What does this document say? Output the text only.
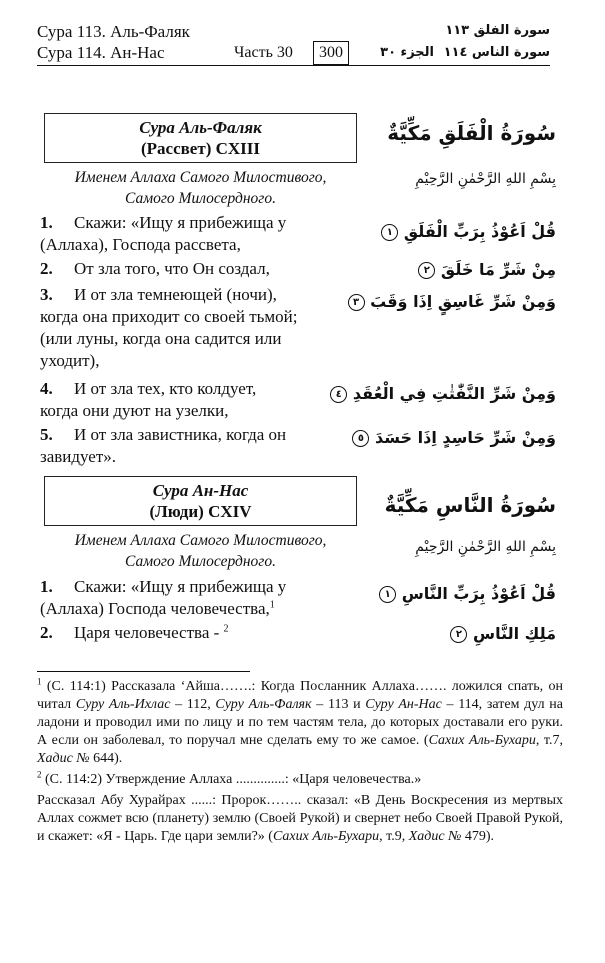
Сура 113. Аль-Фаляк
Сура 114. Ан-Нас	Часть 30	300	الجزء ٣٠
سورة الفلق ١١٣
سورة الناس ١١٤
Сура Аль-Фаляк
(Рассвет) CXIII
Именем Аллаха Самого Милостивого,
Самого Милосердного.
1. Скажи: «Ищу я прибежища у
(Аллаха), Господа рассвета,
2. От зла того, что Он создал,
3. И от зла темнеющей (ночи),
когда она приходит со своей тьмой;
(или луны, когда она садится или
уходит),
4. И от зла тех, кто колдует,
когда они дуют на узелки,
5. И от зла завистника, когда он
завидует».
سُورَةُ الْفَلَقِ مَكِّيَّةٌ
بِسْمِ اللهِ الرَّحْمٰنِ الرَّحِيْمِ
قُلْ اَعُوْذُ بِرَبِّ الْفَلَقِ ١
مِنْ شَرِّ مَا خَلَقَ ٢
وَمِنْ شَرِّ غَاسِقٍ اِذَا وَقَبَ ٣
وَمِنْ شَرِّ النَّفّٰثٰتِ فِي الْعُقَدِ ٤
وَمِنْ شَرِّ حَاسِدٍ اِذَا حَسَدَ ٥
Сура Ан-Нас
(Люди) CXIV
Именем Аллаха Самого Милостивого,
Самого Милосердного.
1. Скажи: «Ищу я прибежища у
(Аллаха) Господа человечества,$^1$
2. Царя человечества - $^2$
سُورَةُ النَّاسِ مَكِّيَّةٌ
بِسْمِ اللهِ الرَّحْمٰنِ الرَّحِيْمِ
قُلْ اَعُوْذُ بِرَبِّ النَّاسِ ١
مَلِكِ النَّاسِ ٢
$^1$ (С. 114:1) Рассказала ‘Айша…….: Когда Посланник Аллаха……. ложился спать, он читал Суру Аль-Ихлас – 112, Суру Аль-Фаляк – 113 и Суру Ан-Нас – 114, затем дул на ладони и проводил ими по лицу и по тем частям тела, до которых доставали его руки. А если он заболевал, то поручал мне сделать ему то же самое. (Сахих Аль-Бухари, т.7, Хадис № 644).
$^2$ (С. 114:2) Утверждение Аллаха ..............: «Царя человечества.»
Рассказал Абу Хурайрах ......: Пророк…….. сказал: «В День Воскресения из мертвых Аллах сожмет всю (планету) землю (Своей Рукой) и свернет небо Своей Правой Рукой, и скажет: «Я - Царь. Где цари земли?» (Сахих Аль-Бухари, т.9, Хадис № 479).
